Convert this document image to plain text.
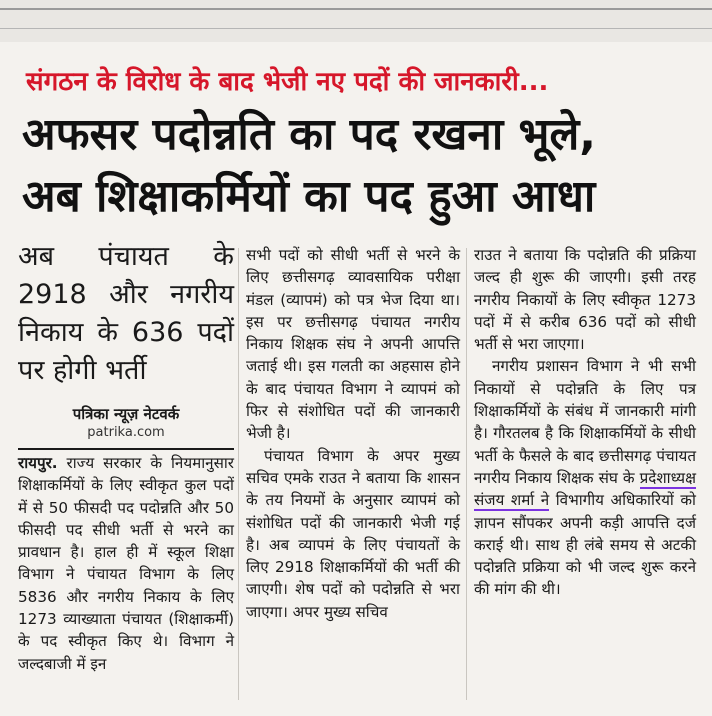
संगठन के विरोध के बाद भेजी नए पदों की जानकारी...
अफसर पदोन्नति का पद रखना भूले,
अब शिक्षाकर्मियों का पद हुआ आधा
अब पंचायत के 2918 और नगरीय निकाय के 636 पदों पर होगी भर्ती
पत्रिका न्यूज़ नेटवर्क
patrika.com

रायपुर. राज्य सरकार के नियमानुसार शिक्षाकर्मियों के लिए स्वीकृत कुल पदों में से 50 फीसदी पद पदोन्नति और 50 फीसदी पद सीधी भर्ती से भरने का प्रावधान है। हाल ही में स्कूल शिक्षा विभाग ने पंचायत विभाग के लिए 5836 और नगरीय निकाय के लिए 1273 व्याख्याता पंचायत (शिक्षाकर्मी) के पद स्वीकृत किए थे। विभाग ने जल्दबाजी में इन

सभी पदों को सीधी भर्ती से भरने के लिए छत्तीसगढ़ व्यावसायिक परीक्षा मंडल (व्यापमं) को पत्र भेज दिया था। इस पर छत्तीसगढ़ पंचायत नगरीय निकाय शिक्षक संघ ने अपनी आपत्ति जताई थी। इस गलती का अहसास होने के बाद पंचायत विभाग ने व्यापमं को फिर से संशोधित पदों की जानकारी भेजी है।

पंचायत विभाग के अपर मुख्य सचिव एमके राउत ने बताया कि शासन के तय नियमों के अनुसार व्यापमं को संशोधित पदों की जानकारी भेजी गई है। अब व्यापमं के लिए पंचायतों के लिए 2918 शिक्षाकर्मियों की भर्ती की जाएगी। शेष पदों को पदोन्नति से भरा जाएगा। अपर मुख्य सचिव

राउत ने बताया कि पदोन्नति की प्रक्रिया जल्द ही शुरू की जाएगी। इसी तरह नगरीय निकायों के लिए स्वीकृत 1273 पदों में से करीब 636 पदों को सीधी भर्ती से भरा जाएगा।

नगरीय प्रशासन विभाग ने भी सभी निकायों से पदोन्नति के लिए पत्र शिक्षाकर्मियों के संबंध में जानकारी मांगी है। गौरतलब है कि शिक्षाकर्मियों के सीधी भर्ती के फैसले के बाद छत्तीसगढ़ पंचायत नगरीय निकाय शिक्षक संघ के प्रदेशाध्यक्ष संजय शर्मा ने विभागीय अधिकारियों को ज्ञापन सौंपकर अपनी कड़ी आपत्ति दर्ज कराई थी। साथ ही लंबे समय से अटकी पदोन्नति प्रक्रिया को भी जल्द शुरू करने की मांग की थी।
